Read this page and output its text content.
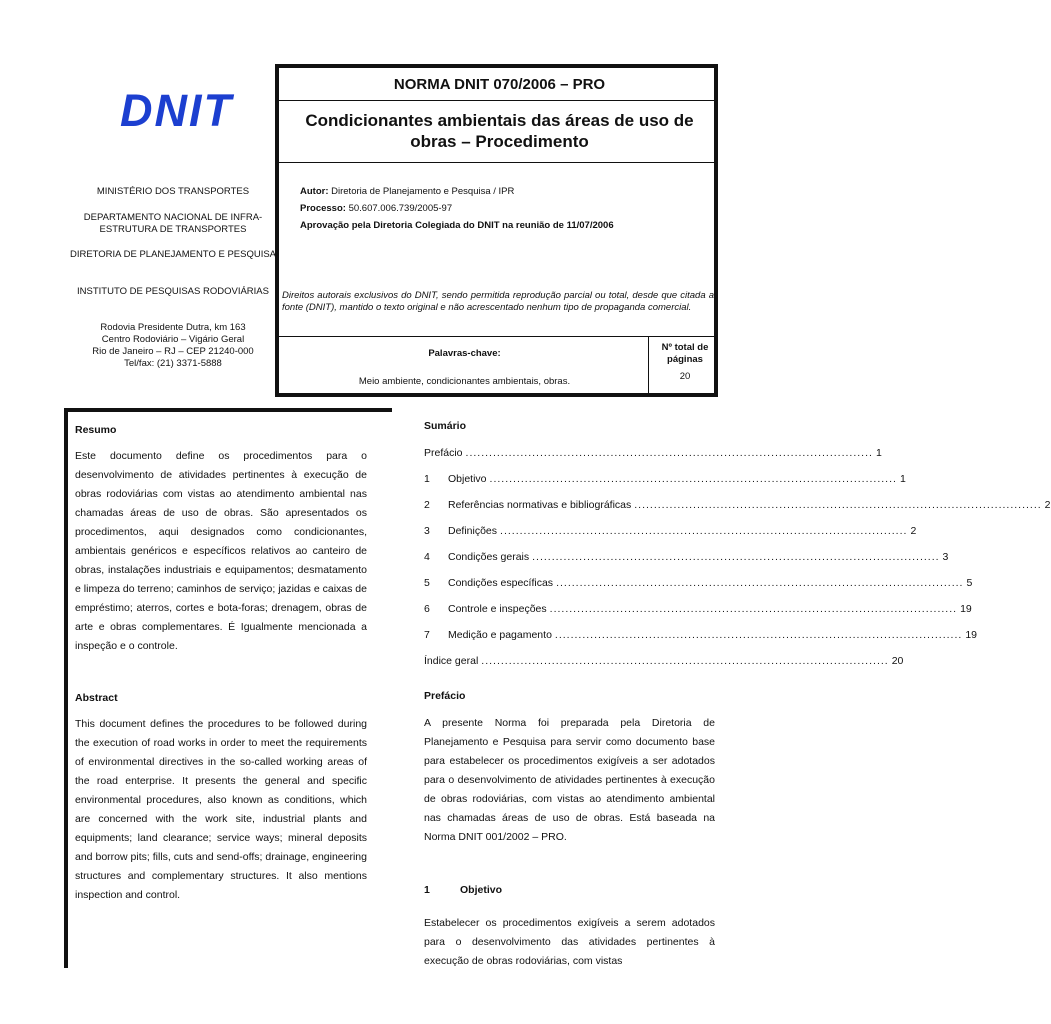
DNIT
NORMA DNIT 070/2006 – PRO
Condicionantes ambientais das áreas de uso de obras – Procedimento
MINISTÉRIO DOS TRANSPORTES
DEPARTAMENTO NACIONAL DE INFRA-ESTRUTURA DE TRANSPORTES
DIRETORIA DE PLANEJAMENTO E PESQUISA
INSTITUTO DE PESQUISAS RODOVIÁRIAS
Rodovia Presidente Dutra, km 163
Centro Rodoviário – Vigário Geral
Rio de Janeiro – RJ – CEP 21240-000
Tel/fax: (21) 3371-5888
Autor: Diretoria de Planejamento e Pesquisa / IPR
Processo: 50.607.006.739/2005-97
Aprovação pela Diretoria Colegiada do DNIT na reunião de 11/07/2006
Direitos autorais exclusivos do DNIT, sendo permitida reprodução parcial ou total, desde que citada a fonte (DNIT), mantido o texto original e não acrescentado nenhum tipo de propaganda comercial.
Palavras-chave:
Meio ambiente, condicionantes ambientais, obras.
Nº total de páginas
20
Resumo
Este documento define os procedimentos para o desenvolvimento de atividades pertinentes à execução de obras rodoviárias com vistas ao atendimento ambiental nas chamadas áreas de uso de obras. São apresentados os procedimentos, aqui designados como condicionantes, ambientais genéricos e específicos relativos ao canteiro de obras, instalações industriais e equipamentos; desmatamento e limpeza do terreno; caminhos de serviço; jazidas e caixas de empréstimo; aterros, cortes e bota-foras; drenagem, obras de arte e obras complementares. É Igualmente mencionada a inspeção e o controle.
Abstract
This document defines the procedures to be followed during the execution of road works in order to meet the requirements of environmental directives in the so-called working areas of the road enterprise. It presents the general and specific environmental procedures, also known as conditions, which are concerned with the work site, industrial plants and equipments; land clearance; service ways; mineral deposits and borrow pits; fills, cuts and send-offs; drainage, engineering structures and complementary structures. It also mentions inspection and control.
Sumário
Prefácio ........................................................................................................ 1
1	Objetivo ........................................................................................................ 1
2	Referências normativas e bibliográficas ........................................................................................................ 2
3	Definições ........................................................................................................ 2
4	Condições gerais ........................................................................................................ 3
5	Condições específicas ........................................................................................................ 5
6	Controle e inspeções ........................................................................................................ 19
7	Medição e pagamento ........................................................................................................ 19
Índice geral ........................................................................................................ 20
Prefácio
A presente Norma foi preparada pela Diretoria de Planejamento e Pesquisa para servir como documento base para estabelecer os procedimentos exigíveis a ser adotados para o desenvolvimento de atividades pertinentes à execução de obras rodoviárias, com vistas ao atendimento ambiental nas chamadas áreas de uso de obras. Está baseada na Norma DNIT 001/2002 – PRO.
1	Objetivo
Estabelecer os procedimentos exigíveis a serem adotados para o desenvolvimento das atividades pertinentes à execução de obras rodoviárias, com vistas
